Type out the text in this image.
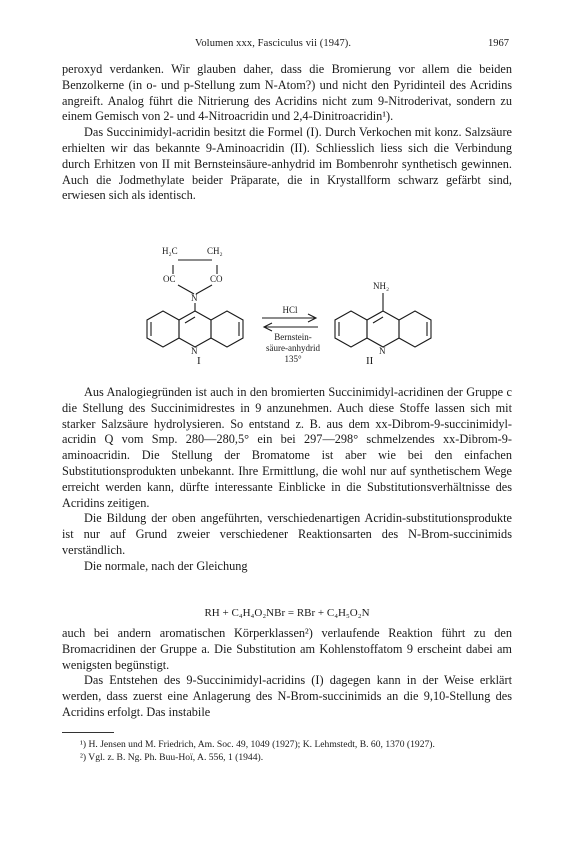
Volumen xxx, Fasciculus vii (1947).	1967

peroxyd verdanken. Wir glauben daher, dass die Bromierung vor allem die beiden Benzolkerne (in o- und p-Stellung zum N-Atom?) und nicht den Pyridinteil des Acridins angreift. Analog führt die Nitrierung des Acridins nicht zum 9-Nitroderivat, sondern zu einem Gemisch von 2- und 4-Nitroacridin und 2,4-Dinitroacridin¹).

Das Succinimidyl-acridin besitzt die Formel (I). Durch Verkochen mit konz. Salzsäure erhielten wir das bekannte 9-Aminoacridin (II). Schliesslich liess sich die Verbindung durch Erhitzen von II mit Bernsteinsäure-anhydrid im Bombenrohr synthetisch gewinnen. Auch die Jodmethylate beider Präparate, die in Krystallform schwarz gefärbt sind, erwiesen sich als identisch.

H₂C	CH₂
OC	CO
N
N
NH₂
N
HCl
Bernstein-
säure-anhydrid
135°
I	II

Aus Analogiegründen ist auch in den bromierten Succinimidyl-acridinen der Gruppe c die Stellung des Succinimidrestes in 9 anzunehmen. Auch diese Stoffe lassen sich mit starker Salzsäure hydrolysieren. So entstand z. B. aus dem xx-Dibrom-9-succinimidyl-acridin Q vom Smp. 280—280,5° ein bei 297—298° schmelzendes xx-Dibrom-9-aminoacridin. Die Stellung der Bromatome ist aber wie bei den einfachen Substitutionsprodukten unbekannt. Ihre Ermittlung, die wohl nur auf synthetischem Wege erreicht werden kann, dürfte interessante Einblicke in die Substitutionsverhältnisse des Acridins zeitigen.

Die Bildung der oben angeführten, verschiedenartigen Acridin-substitutionsprodukte ist nur auf Grund zweier verschiedener Reaktionsarten des N-Brom-succinimids verständlich.

Die normale, nach der Gleichung

RH + C₄H₄O₂NBr = RBr + C₄H₅O₂N

auch bei andern aromatischen Körperklassen²) verlaufende Reaktion führt zu den Bromacridinen der Gruppe a. Die Substitution am Kohlenstoffatom 9 erscheint dabei am wenigsten begünstigt.

Das Entstehen des 9-Succinimidyl-acridins (I) dagegen kann in der Weise erklärt werden, dass zuerst eine Anlagerung des N-Brom-succinimids an die 9,10-Stellung des Acridins erfolgt. Das instabile

¹) H. Jensen und M. Friedrich, Am. Soc. 49, 1049 (1927); K. Lehmstedt, B. 60, 1370 (1927).

²) Vgl. z. B. Ng. Ph. Buu-Hoï, A. 556, 1 (1944).
